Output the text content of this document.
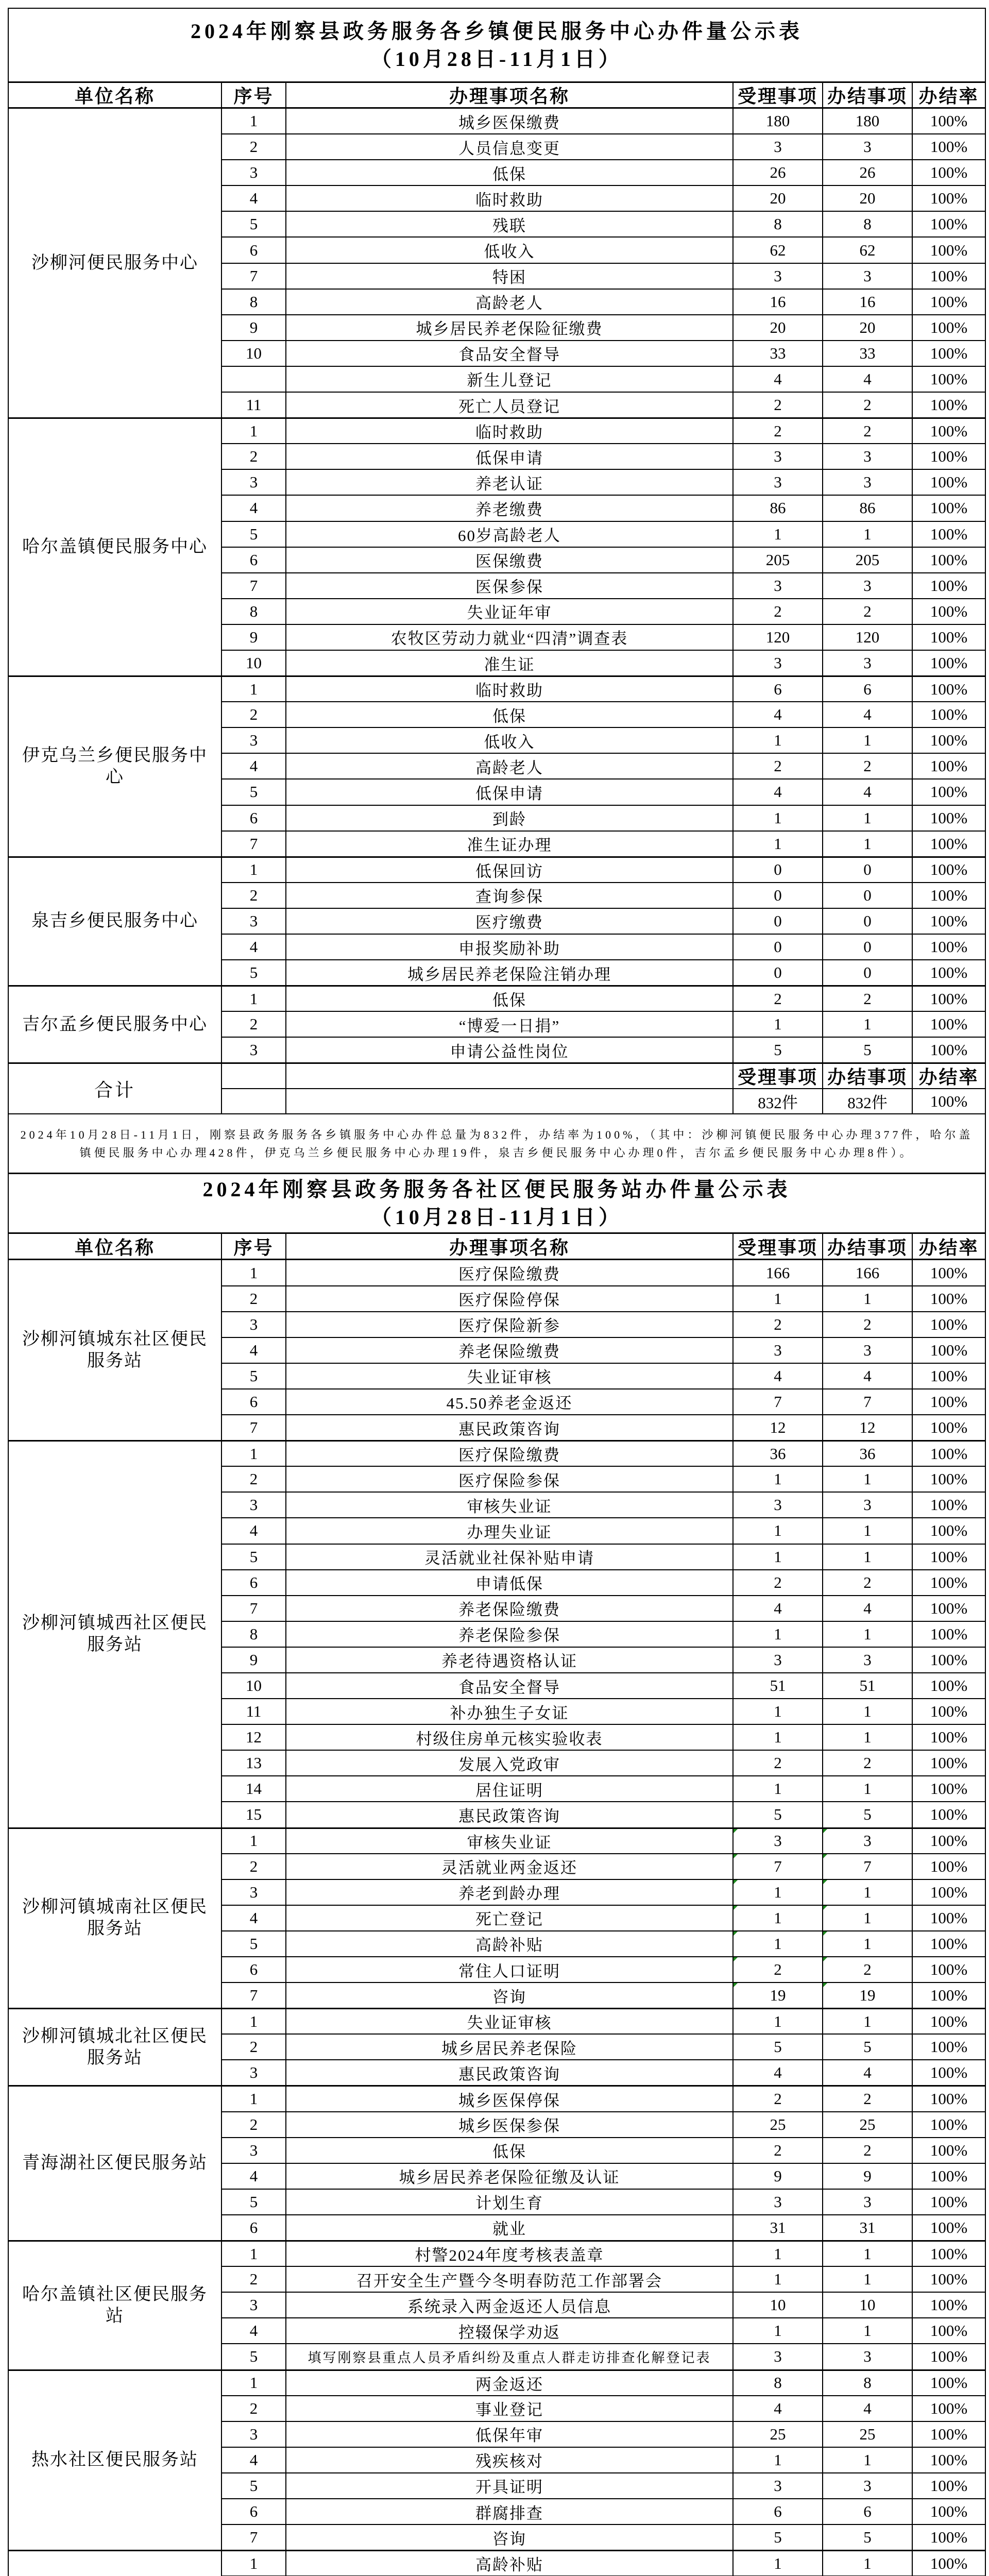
2024年刚察县政务服务各乡镇便民服务中心办件量公示表
（10月28日-11月1日）
单位名称	序号	办理事项名称	受理事项 办结事项 办结率
沙柳河便民服务中心
1	城乡医保缴费	180	180	100%
2	人员信息变更	3	3	100%
3	低保	26	26	100%
4	临时救助	20	20	100%
5	残联	8	8	100%
6	低收入	62	62	100%
7	特困	3	3	100%
8	高龄老人	16	16	100%
9	城乡居民养老保险征缴费	20	20	100%
10	食品安全督导	33	33	100%
新生儿登记	4	4	100%
11	死亡人员登记	2	2	100%
哈尔盖镇便民服务中心
1	临时救助	2	2	100%
2	低保申请	3	3	100%
3	养老认证	3	3	100%
4	养老缴费	86	86	100%
5	60岁高龄老人	1	1	100%
6	医保缴费	205	205	100%
7	医保参保	3	3	100%
8	失业证年审	2	2	100%
9	农牧区劳动力就业“四清”调查表	120	120	100%
10	准生证	3	3	100%
伊克乌兰乡便民服务中心
1	临时救助	6	6	100%
2	低保	4	4	100%
3	低收入	1	1	100%
4	高龄老人	2	2	100%
5	低保申请	4	4	100%
6	到龄	1	1	100%
7	准生证办理	1	1	100%
泉吉乡便民服务中心
1	低保回访	0	0	100%
2	查询参保	0	0	100%
3	医疗缴费	0	0	100%
4	申报奖励补助	0	0	100%
5	城乡居民养老保险注销办理	0	0	100%
吉尔孟乡便民服务中心
1	低保	2	2	100%
2	“博爱一日捐”	1	1	100%
3	申请公益性岗位	5	5	100%
合计
受理事项 办结事项 办结率
832件	832件	100%
2024年10月28日-11月1日，刚察县政务服务各乡镇服务中心办件总量为832件，办结率为100%，（其中：沙柳河镇便民服务中心办理377件，哈尔盖镇便民服务中心办理428件，伊克乌兰乡便民服务中心办理19件，泉吉乡便民服务中心办理0件，吉尔孟乡便民服务中心办理8件）。
2024年刚察县政务服务各社区便民服务站办件量公示表
（10月28日-11月1日）
单位名称	序号	办理事项名称	受理事项 办结事项 办结率
沙柳河镇城东社区便民服务站
1	医疗保险缴费	166	166	100%
2	医疗保险停保	1	1	100%
3	医疗保险新参	2	2	100%
4	养老保险缴费	3	3	100%
5	失业证审核	4	4	100%
6	45.50养老金返还	7	7	100%
7	惠民政策咨询	12	12	100%
沙柳河镇城西社区便民服务站
1	医疗保险缴费	36	36	100%
2	医疗保险参保	1	1	100%
3	审核失业证	3	3	100%
4	办理失业证	1	1	100%
5	灵活就业社保补贴申请	1	1	100%
6	申请低保	2	2	100%
7	养老保险缴费	4	4	100%
8	养老保险参保	1	1	100%
9	养老待遇资格认证	3	3	100%
10	食品安全督导	51	51	100%
11	补办独生子女证	1	1	100%
12	村级住房单元核实验收表	1	1	100%
13	发展入党政审	2	2	100%
14	居住证明	1	1	100%
15	惠民政策咨询	5	5	100%
沙柳河镇城南社区便民服务站
1	审核失业证	3	3	100%
2	灵活就业两金返还	7	7	100%
3	养老到龄办理	1	1	100%
4	死亡登记	1	1	100%
5	高龄补贴	1	1	100%
6	常住人口证明	2	2	100%
7	咨询	19	19	100%
沙柳河镇城北社区便民服务站
1	失业证审核	1	1	100%
2	城乡居民养老保险	5	5	100%
3	惠民政策咨询	4	4	100%
青海湖社区便民服务站
1	城乡医保停保	2	2	100%
2	城乡医保参保	25	25	100%
3	低保	2	2	100%
4	城乡居民养老保险征缴及认证	9	9	100%
5	计划生育	3	3	100%
6	就业	31	31	100%
哈尔盖镇社区便民服务站
1	村警2024年度考核表盖章	1	1	100%
2	召开安全生产暨今冬明春防范工作部署会	1	1	100%
3	系统录入两金返还人员信息	10	10	100%
4	控辍保学劝返	1	1	100%
5	填写刚察县重点人员矛盾纠纷及重点人群走访排查化解登记表	3	3	100%
热水社区便民服务站
1	两金返还	8	8	100%
2	事业登记	4	4	100%
3	低保年审	25	25	100%
4	残疾核对	1	1	100%
5	开具证明	3	3	100%
6	群腐排查	6	6	100%
7	咨询	5	5	100%
1	高龄补贴	1	1	100%
